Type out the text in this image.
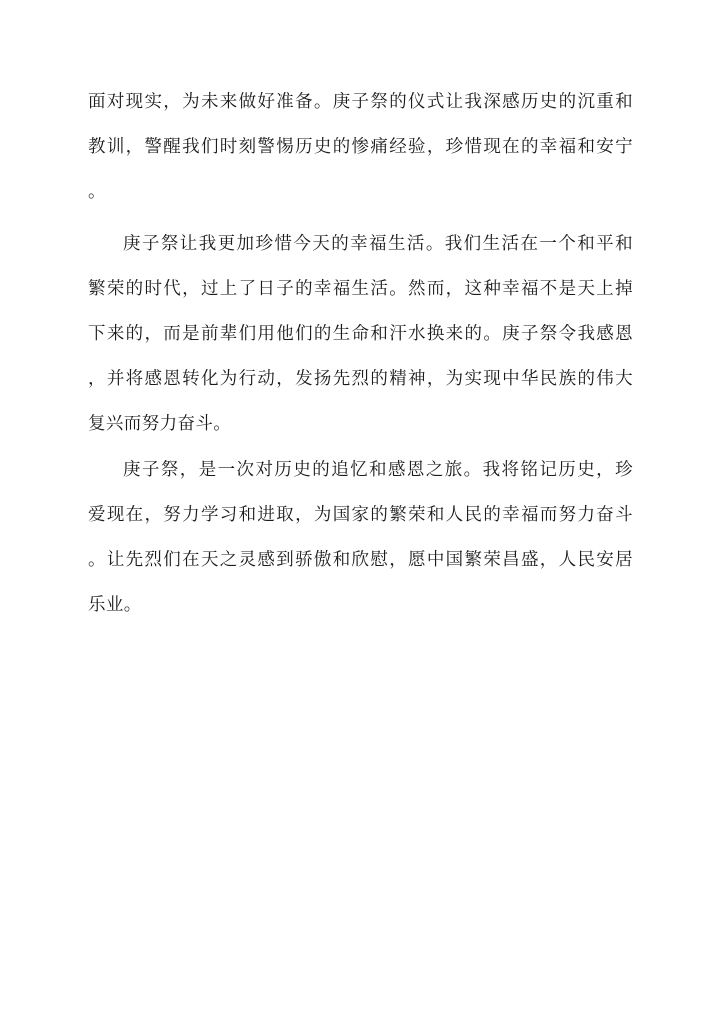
面对现实，为未来做好准备。庚子祭的仪式让我深感历史的沉重和
教训，警醒我们时刻警惕历史的惨痛经验，珍惜现在的幸福和安宁
。
庚子祭让我更加珍惜今天的幸福生活。我们生活在一个和平和
繁荣的时代，过上了日子的幸福生活。然而，这种幸福不是天上掉
下来的，而是前辈们用他们的生命和汗水换来的。庚子祭令我感恩
，并将感恩转化为行动，发扬先烈的精神，为实现中华民族的伟大
复兴而努力奋斗。
庚子祭，是一次对历史的追忆和感恩之旅。我将铭记历史，珍
爱现在，努力学习和进取，为国家的繁荣和人民的幸福而努力奋斗
。让先烈们在天之灵感到骄傲和欣慰，愿中国繁荣昌盛，人民安居
乐业。
